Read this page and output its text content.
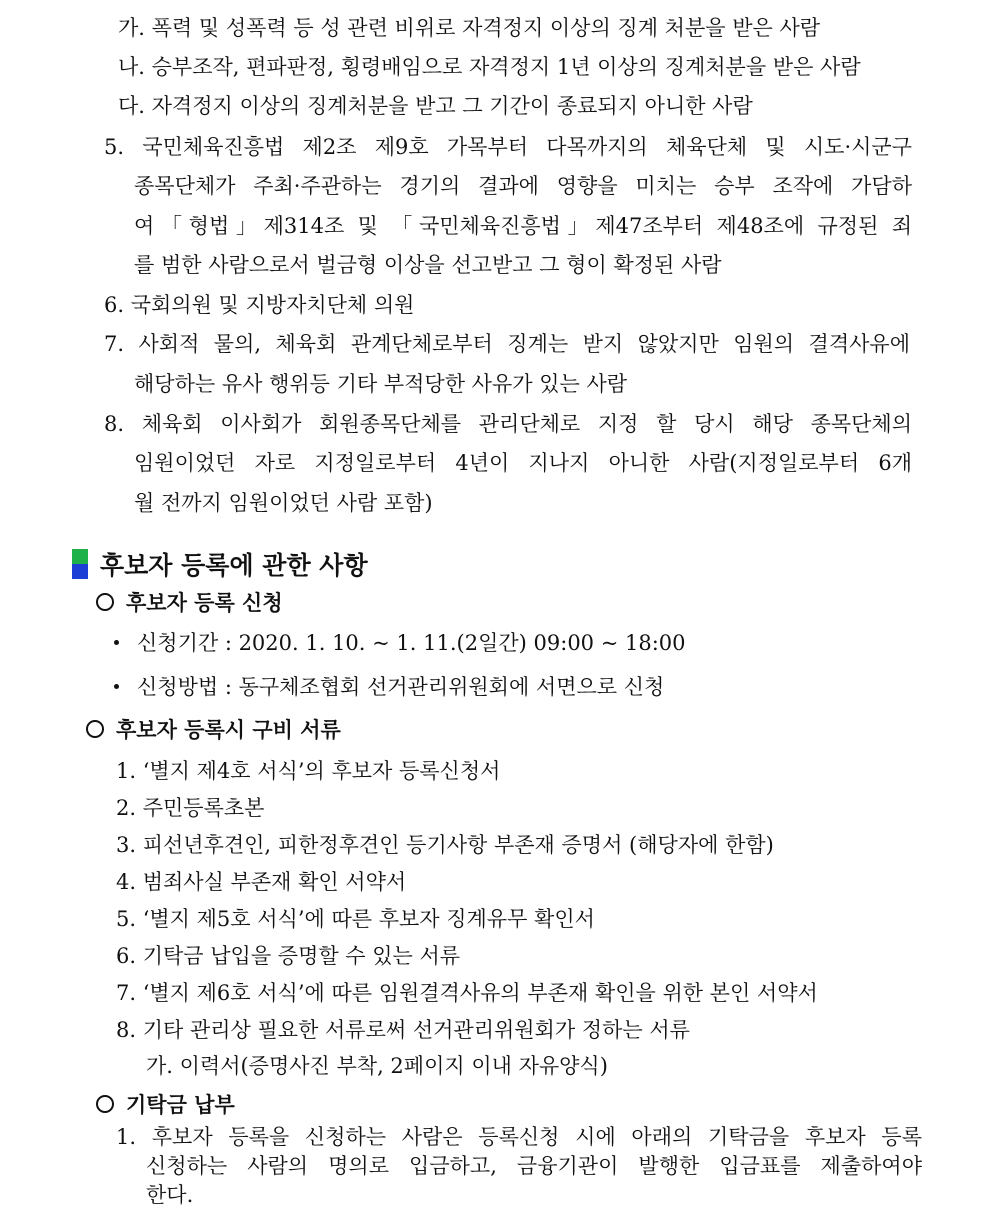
가. 폭력 및 성폭력 등 성 관련 비위로 자격정지 이상의 징계 처분을 받은 사람
나. 승부조작, 편파판정, 횡령배임으로 자격정지 1년 이상의 징계처분을 받은 사람
다. 자격정지 이상의 징계처분을 받고 그 기간이 종료되지 아니한 사람
5. 국민체육진흥법 제2조 제9호 가목부터 다목까지의 체육단체 및 시도·시군구
종목단체가 주최·주관하는 경기의 결과에 영향을 미치는 승부 조작에 가담하
여「형법」제314조 및 「국민체육진흥법」제47조부터 제48조에 규정된 죄
를 범한 사람으로서 벌금형 이상을 선고받고 그 형이 확정된 사람
6. 국회의원 및 지방자치단체 의원
7. 사회적 물의, 체육회 관계단체로부터 징계는 받지 않았지만 임원의 결격사유에
해당하는 유사 행위등 기타 부적당한 사유가 있는 사람
8. 체육회 이사회가 회원종목단체를 관리단체로 지정 할 당시 해당 종목단체의
임원이었던 자로 지정일로부터 4년이 지나지 아니한 사람(지정일로부터 6개
월 전까지 임원이었던 사람 포함)
후보자 등록에 관한 사항
후보자 등록 신청
신청기간 : 2020. 1. 10. ~ 1. 11.(2일간) 09:00 ~ 18:00
신청방법 : 동구체조협회 선거관리위원회에 서면으로 신청
후보자 등록시 구비 서류
1. ‘별지 제4호 서식’의 후보자 등록신청서
2. 주민등록초본
3. 피선년후견인, 피한정후견인 등기사항 부존재 증명서 (해당자에 한함)
4. 범죄사실 부존재 확인 서약서
5. ‘별지 제5호 서식’에 따른 후보자 징계유무 확인서
6. 기탁금 납입을 증명할 수 있는 서류
7. ‘별지 제6호 서식’에 따른 임원결격사유의 부존재 확인을 위한 본인 서약서
8. 기타 관리상 필요한 서류로써 선거관리위원회가 정하는 서류
가. 이력서(증명사진 부착, 2페이지 이내 자유양식)
기탁금 납부
1. 후보자 등록을 신청하는 사람은 등록신청 시에 아래의 기탁금을 후보자 등록
신청하는 사람의 명의로 입금하고, 금융기관이 발행한 입금표를 제출하여야
한다.
